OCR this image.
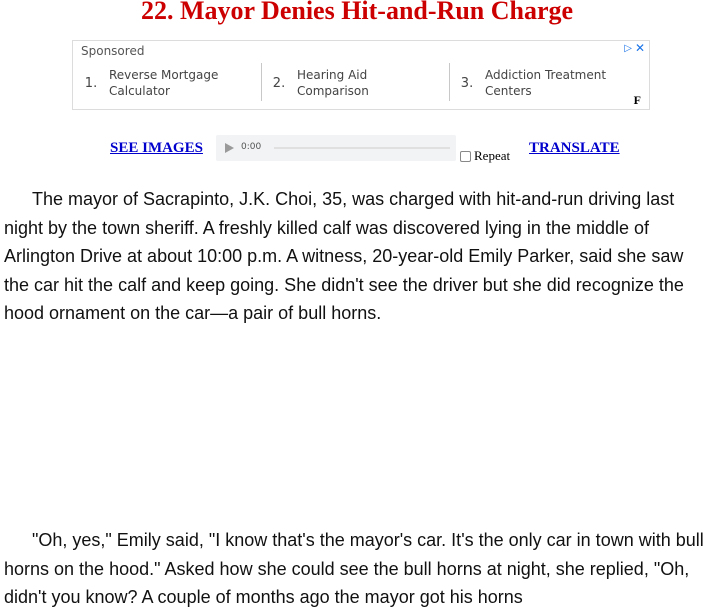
22. Mayor Denies Hit-and-Run Charge
Sponsored	▷ ✕
1.
Reverse Mortgage Calculator
2.
Hearing Aid Comparison
3.
Addiction Treatment Centers
F
SEE IMAGES	0:00
Repeat TRANSLATE

The mayor of Sacrapinto, J.K. Choi, 35, was charged with hit-and-run driving last night by the town sheriff. A freshly killed calf was discovered lying in the middle of Arlington Drive at about 10:00 p.m. A witness, 20-year-old Emily Parker, said she saw the car hit the calf and keep going. She didn't see the driver but she did recognize the hood ornament on the car—a pair of bull horns.

"Oh, yes," Emily said, "I know that's the mayor's car. It's the only car in town with bull horns on the hood." Asked how she could see the bull horns at night, she replied, "Oh, didn't you know? A couple of months ago the mayor got his horns
